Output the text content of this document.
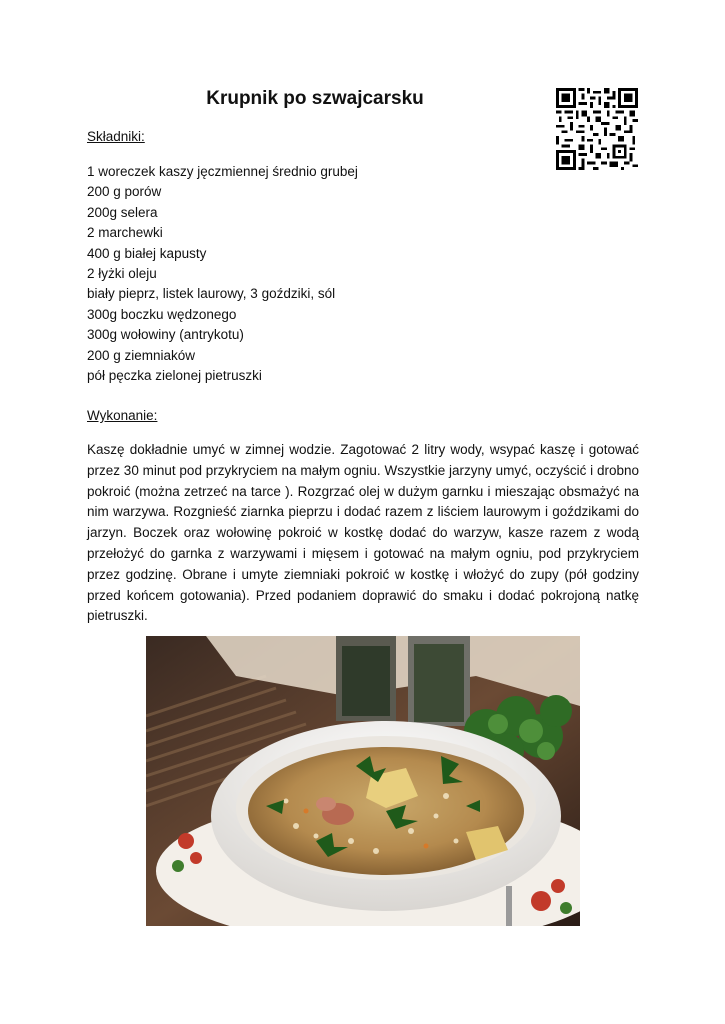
Krupnik po szwajcarsku

Składniki:

1 woreczek kaszy jęczmiennej średnio grubej
200 g porów
200g selera
2 marchewki
400 g białej kapusty
2 łyżki oleju
biały pieprz, listek laurowy, 3 goździki, sól
300g boczku wędzonego
300g wołowiny (antrykotu)
200 g ziemniaków
pół pęczka zielonej pietruszki

Wykonanie:

Kaszę dokładnie umyć w zimnej wodzie. Zagotować 2 litry wody, wsypać kaszę i gotować przez 30 minut pod przykryciem na małym ogniu. Wszystkie jarzyny umyć, oczyścić i drobno pokroić (można zetrzeć na tarce ). Rozgrzać olej w dużym garnku i mieszając obsmażyć na nim warzywa. Rozgnieść ziarnka pieprzu i dodać razem z liściem laurowym i goździkami do jarzyn. Boczek oraz wołowinę pokroić w kostkę dodać do warzyw, kasze razem z wodą przełożyć do garnka z warzywami i mięsem i gotować na małym ogniu, pod przykryciem przez godzinę. Obrane i umyte ziemniaki pokroić w kostkę i włożyć do zupy (pół godziny przed końcem gotowania). Przed podaniem doprawić do smaku i dodać pokrojoną natkę pietruszki.
